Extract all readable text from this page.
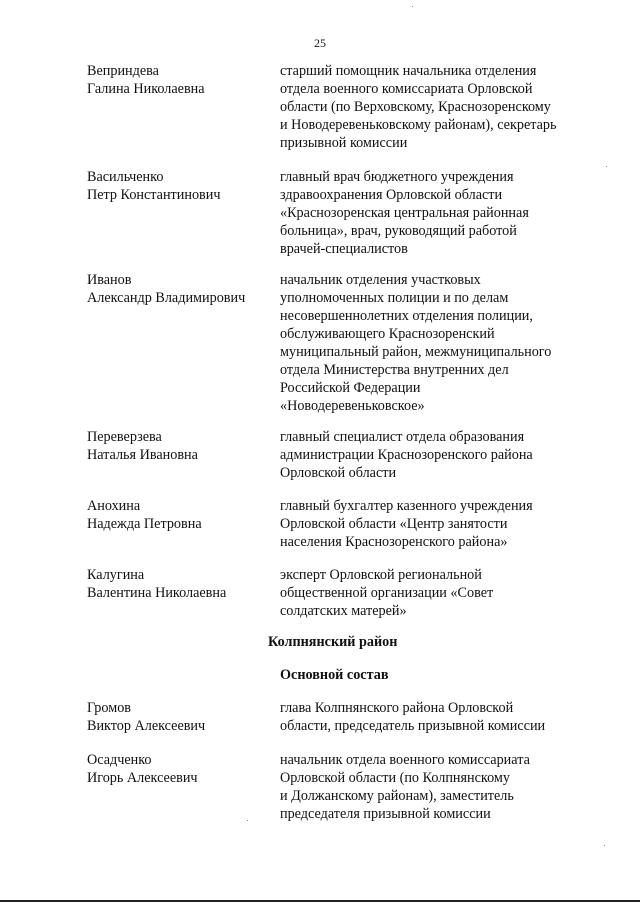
25
Веприндева
Галина Николаевна
старший помощник начальника отделения
отдела военного комиссариата Орловской
области (по Верховскому, Краснозоренскому
и Новодеревеньковскому районам), секретарь
призывной комиссии
Васильченко
Петр Константинович
главный врач бюджетного учреждения
здравоохранения Орловской области
«Краснозоренская центральная районная
больница», врач, руководящий работой
врачей-специалистов
Иванов
Александр Владимирович
начальник отделения участковых
уполномоченных полиции и по делам
несовершеннолетних отделения полиции,
обслуживающего Краснозоренский
муниципальный район, межмуниципального
отдела Министерства внутренних дел
Российской Федерации
«Новодеревеньковское»
Переверзева
Наталья Ивановна
главный специалист отдела образования
администрации Краснозоренского района
Орловской области
Анохина
Надежда Петровна
главный бухгалтер казенного учреждения
Орловской области «Центр занятости
населения Краснозоренского района»
Калугина
Валентина Николаевна
эксперт Орловской региональной
общественной организации «Совет
солдатских матерей»
Колпнянский район
Основной состав
Громов
Виктор Алексеевич
глава Колпнянского района Орловской
области, председатель призывной комиссии
Осадченко
Игорь Алексеевич
начальник отдела военного комиссариата
Орловской области (по Колпнянскому
и Должанскому районам), заместитель
председателя призывной комиссии
